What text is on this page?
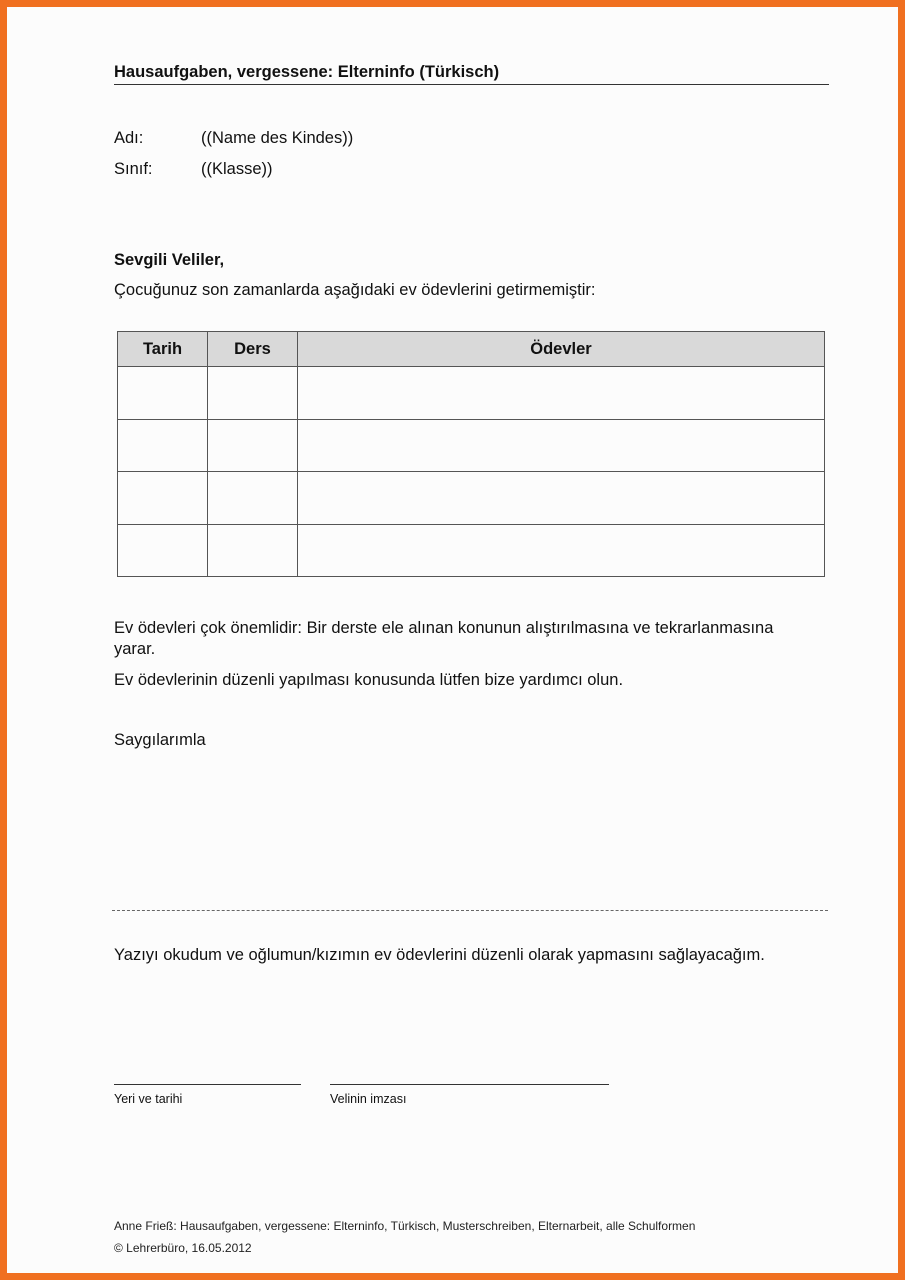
Hausaufgaben, vergessene: Elterninfo (Türkisch)
Adı:	((Name des Kindes))
Sınıf:	((Klasse))
Sevgili Veliler,
Çocuğunuz son zamanlarda aşağıdaki ev ödevlerini getirmemiştir:
Tarih	Ders	Ödevler

Ev ödevleri çok önemlidir: Bir derste ele alınan konunun alıştırılmasına ve tekrarlanmasına yarar.
Ev ödevlerinin düzenli yapılması konusunda lütfen bize yardımcı olun.
Saygılarımla
Yazıyı okudum ve oğlumun/kızımın ev ödevlerini düzenli olarak yapmasını sağlayacağım.
Yeri ve tarihi	Velinin imzası
Anne Frieß: Hausaufgaben, vergessene: Elterninfo, Türkisch, Musterschreiben, Elternarbeit, alle Schulformen
© Lehrerbüro, 16.05.2012
